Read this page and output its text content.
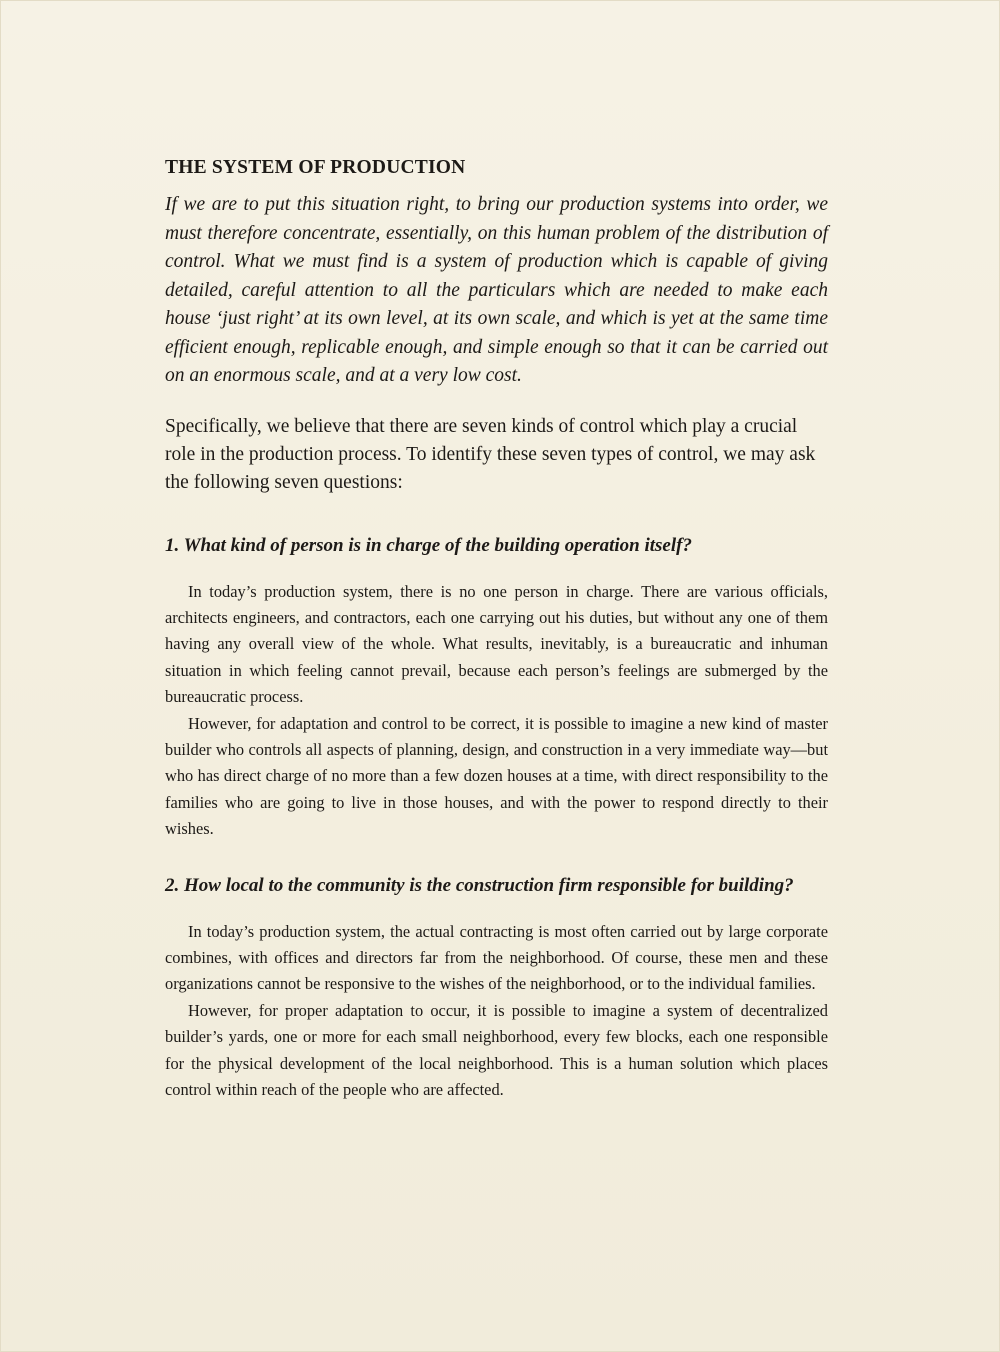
THE SYSTEM OF PRODUCTION

If we are to put this situation right, to bring our production systems into order, we must therefore concentrate, essentially, on this human problem of the distribution of control. What we must find is a system of production which is capable of giving detailed, careful attention to all the particulars which are needed to make each house ‘just right’ at its own level, at its own scale, and which is yet at the same time efficient enough, replicable enough, and simple enough so that it can be carried out on an enormous scale, and at a very low cost.

Specifically, we believe that there are seven kinds of control which play a crucial role in the production process. To identify these seven types of control, we may ask the following seven questions:

1. What kind of person is in charge of the building operation itself?

In today’s production system, there is no one person in charge. There are various officials, architects engineers, and contractors, each one carrying out his duties, but without any one of them having any overall view of the whole. What results, inevitably, is a bureaucratic and inhuman situation in which feeling cannot prevail, because each person’s feelings are submerged by the bureaucratic process.

However, for adaptation and control to be correct, it is possible to imagine a new kind of master builder who controls all aspects of planning, design, and construction in a very immediate way—but who has direct charge of no more than a few dozen houses at a time, with direct responsibility to the families who are going to live in those houses, and with the power to respond directly to their wishes.

2. How local to the community is the construction firm responsible for building?

In today’s production system, the actual contracting is most often carried out by large corporate combines, with offices and directors far from the neighborhood. Of course, these men and these organizations cannot be responsive to the wishes of the neighborhood, or to the individual families.

However, for proper adaptation to occur, it is possible to imagine a system of decentralized builder’s yards, one or more for each small neighborhood, every few blocks, each one responsible for the physical development of the local neighborhood. This is a human solution which places control within reach of the people who are affected.
